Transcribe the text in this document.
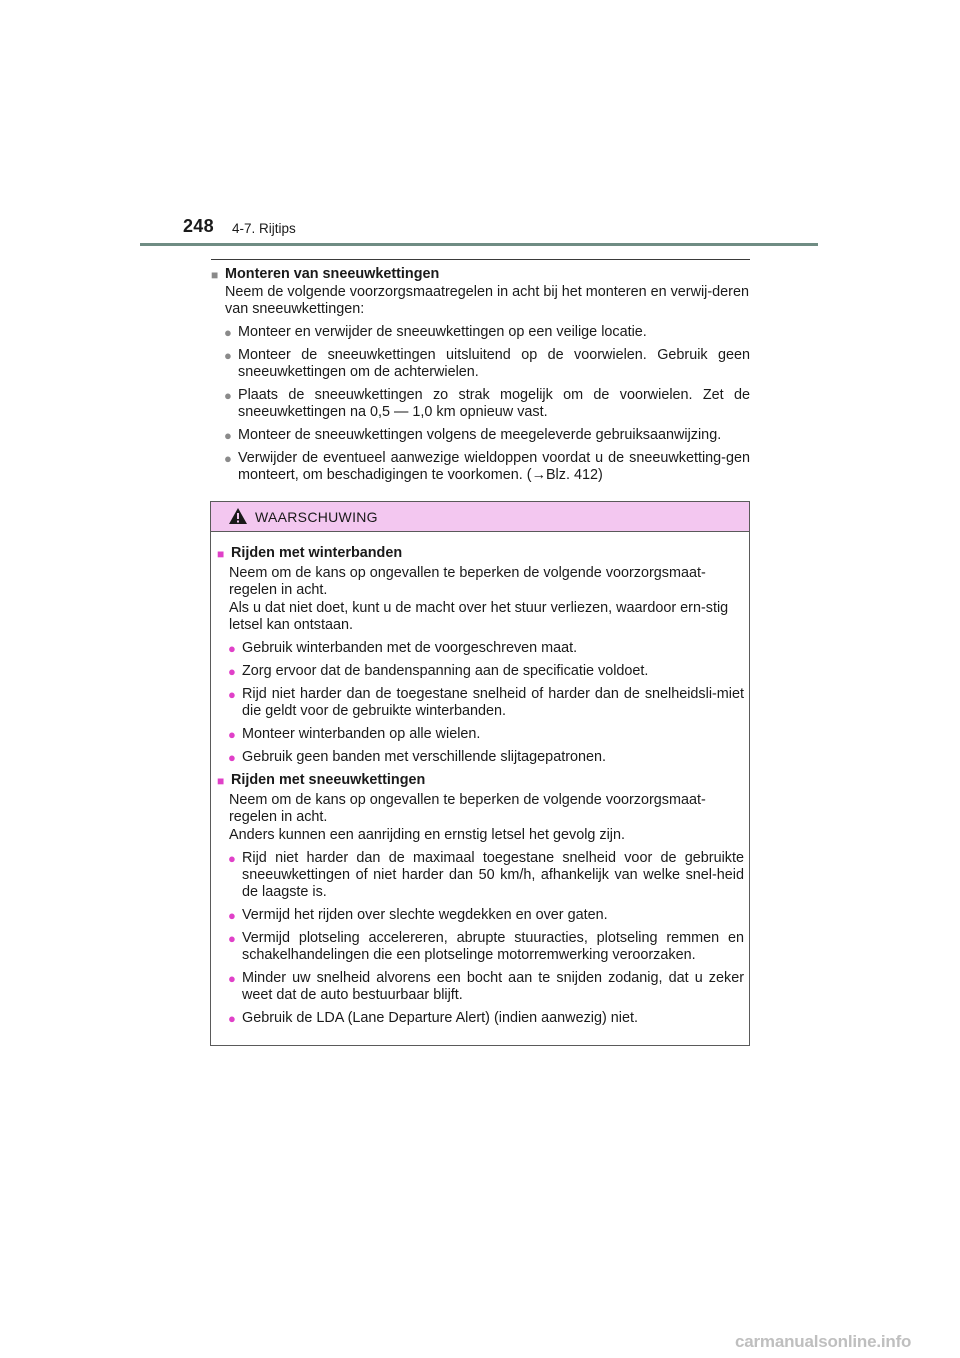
248 4-7. Rijtips
■ Monteren van sneeuwkettingen
Neem de volgende voorzorgsmaatregelen in acht bij het monteren en verwij-deren van sneeuwkettingen:
● Monteer en verwijder de sneeuwkettingen op een veilige locatie.
● Monteer de sneeuwkettingen uitsluitend op de voorwielen. Gebruik geen sneeuwkettingen om de achterwielen.
● Plaats de sneeuwkettingen zo strak mogelijk om de voorwielen. Zet de sneeuwkettingen na 0,5 — 1,0 km opnieuw vast.
● Monteer de sneeuwkettingen volgens de meegeleverde gebruiksaanwijzing.
● Verwijder de eventueel aanwezige wieldoppen voordat u de sneeuwketting-gen monteert, om beschadigingen te voorkomen. (→Blz. 412)
WAARSCHUWING
■ Rijden met winterbanden
Neem om de kans op ongevallen te beperken de volgende voorzorgsmaat-regelen in acht.
Als u dat niet doet, kunt u de macht over het stuur verliezen, waardoor ern-stig letsel kan ontstaan.
● Gebruik winterbanden met de voorgeschreven maat.
● Zorg ervoor dat de bandenspanning aan de specificatie voldoet.
● Rijd niet harder dan de toegestane snelheid of harder dan de snelheidsli-miet die geldt voor de gebruikte winterbanden.
● Monteer winterbanden op alle wielen.
● Gebruik geen banden met verschillende slijtagepatronen.
■ Rijden met sneeuwkettingen
Neem om de kans op ongevallen te beperken de volgende voorzorgsmaat-regelen in acht.
Anders kunnen een aanrijding en ernstig letsel het gevolg zijn.
● Rijd niet harder dan de maximaal toegestane snelheid voor de gebruikte sneeuwkettingen of niet harder dan 50 km/h, afhankelijk van welke snel-heid de laagste is.
● Vermijd het rijden over slechte wegdekken en over gaten.
● Vermijd plotseling accelereren, abrupte stuuracties, plotseling remmen en schakelhandelingen die een plotselinge motorremwerking veroorzaken.
● Minder uw snelheid alvorens een bocht aan te snijden zodanig, dat u zeker weet dat de auto bestuurbaar blijft.
● Gebruik de LDA (Lane Departure Alert) (indien aanwezig) niet.
carmanualsonline.info
